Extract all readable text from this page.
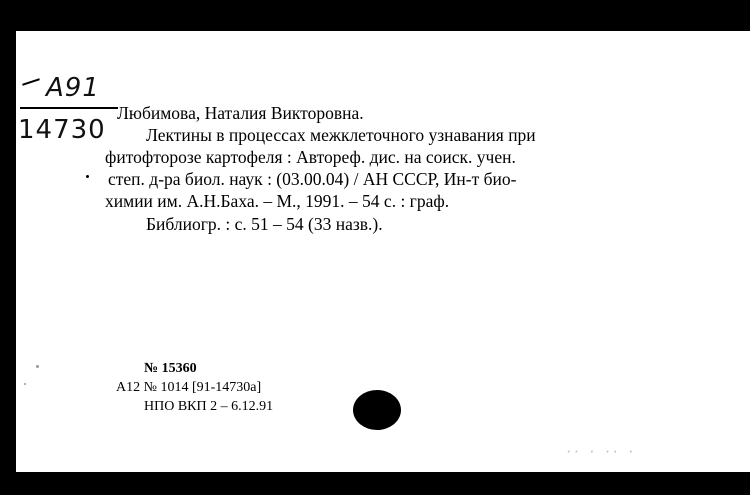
А91
14730
Любимова, Наталия Викторовна.
Лектины в процессах межклеточного узнавания при
фитофторозе картофеля : Автореф. дис. на соиск. учен.
степ. д-ра биол. наук : (03.00.04) / АН СССР, Ин-т био-
химии им. А.Н.Баха. – М., 1991. – 54 с. : граф.
Библиогр. : с. 51 – 54 (33 назв.).
№ 15360
А12 № 1014 [91-14730а]
НПО ВКП 2 – 6.12.91
·· · ·· ·
